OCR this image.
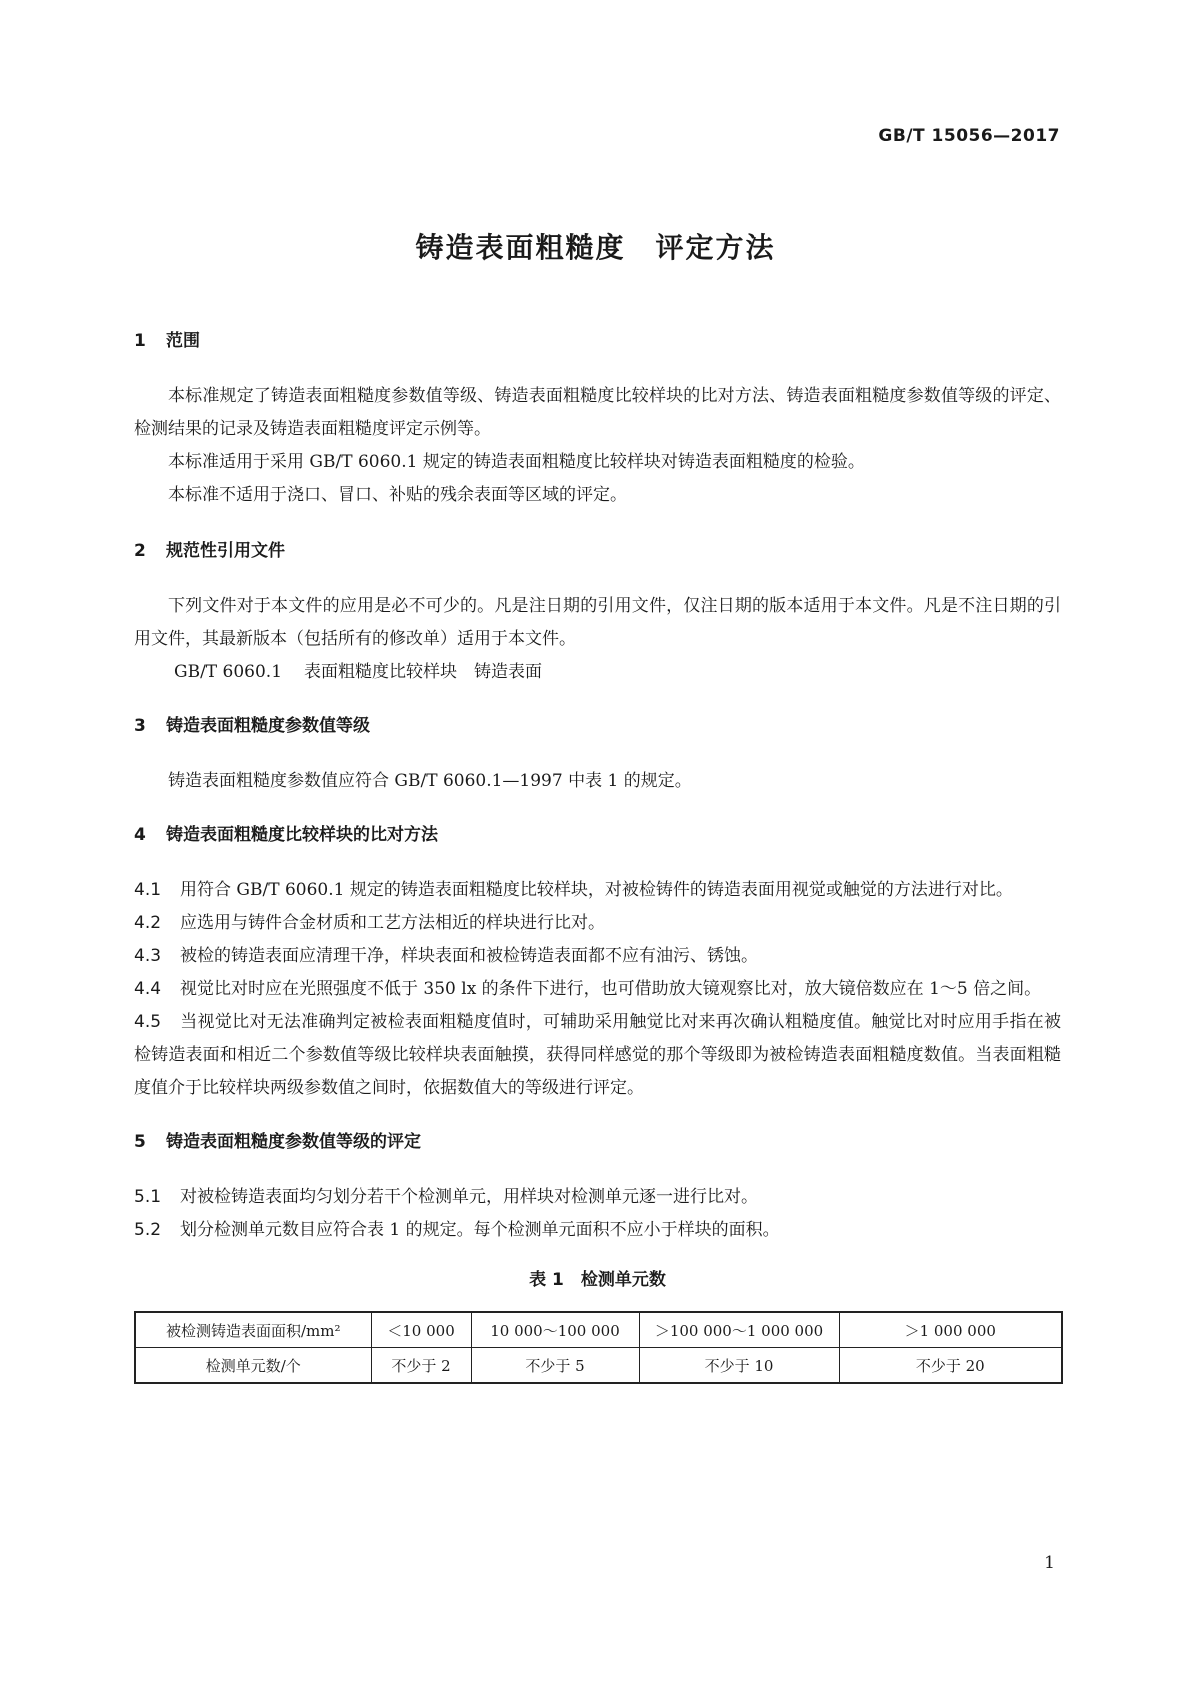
GB/T 15056—2017
铸造表面粗糙度　评定方法

1 范围

本标准规定了铸造表面粗糙度参数值等级、铸造表面粗糙度比较样块的比对方法、铸造表面粗糙度参数值等级的评定、检测结果的记录及铸造表面粗糙度评定示例等。

本标准适用于采用 GB/T 6060.1 规定的铸造表面粗糙度比较样块对铸造表面粗糙度的检验。

本标准不适用于浇口、冒口、补贴的残余表面等区域的评定。

2 规范性引用文件

下列文件对于本文件的应用是必不可少的。凡是注日期的引用文件，仅注日期的版本适用于本文件。凡是不注日期的引用文件，其最新版本（包括所有的修改单）适用于本文件。

GB/T 6060.1 表面粗糙度比较样块　铸造表面

3 铸造表面粗糙度参数值等级

铸造表面粗糙度参数值应符合 GB/T 6060.1—1997 中表 1 的规定。

4 铸造表面粗糙度比较样块的比对方法

4.1 用符合 GB/T 6060.1 规定的铸造表面粗糙度比较样块，对被检铸件的铸造表面用视觉或触觉的方法进行对比。

4.2 应选用与铸件合金材质和工艺方法相近的样块进行比对。

4.3 被检的铸造表面应清理干净，样块表面和被检铸造表面都不应有油污、锈蚀。

4.4 视觉比对时应在光照强度不低于 350 lx 的条件下进行，也可借助放大镜观察比对，放大镜倍数应在 1～5 倍之间。

4.5 当视觉比对无法准确判定被检表面粗糙度值时，可辅助采用触觉比对来再次确认粗糙度值。触觉比对时应用手指在被检铸造表面和相近二个参数值等级比较样块表面触摸，获得同样感觉的那个等级即为被检铸造表面粗糙度数值。当表面粗糙度值介于比较样块两级参数值之间时，依据数值大的等级进行评定。

5 铸造表面粗糙度参数值等级的评定

5.1 对被检铸造表面均匀划分若干个检测单元，用样块对检测单元逐一进行比对。

5.2 划分检测单元数目应符合表 1 的规定。每个检测单元面积不应小于样块的面积。

表 1　检测单元数

被检测铸造表面面积/mm²	＜10 000	10 000～100 000	＞100 000～1 000 000	＞1 000 000
检测单元数/个	不少于 2	不少于 5	不少于 10	不少于 20
1
